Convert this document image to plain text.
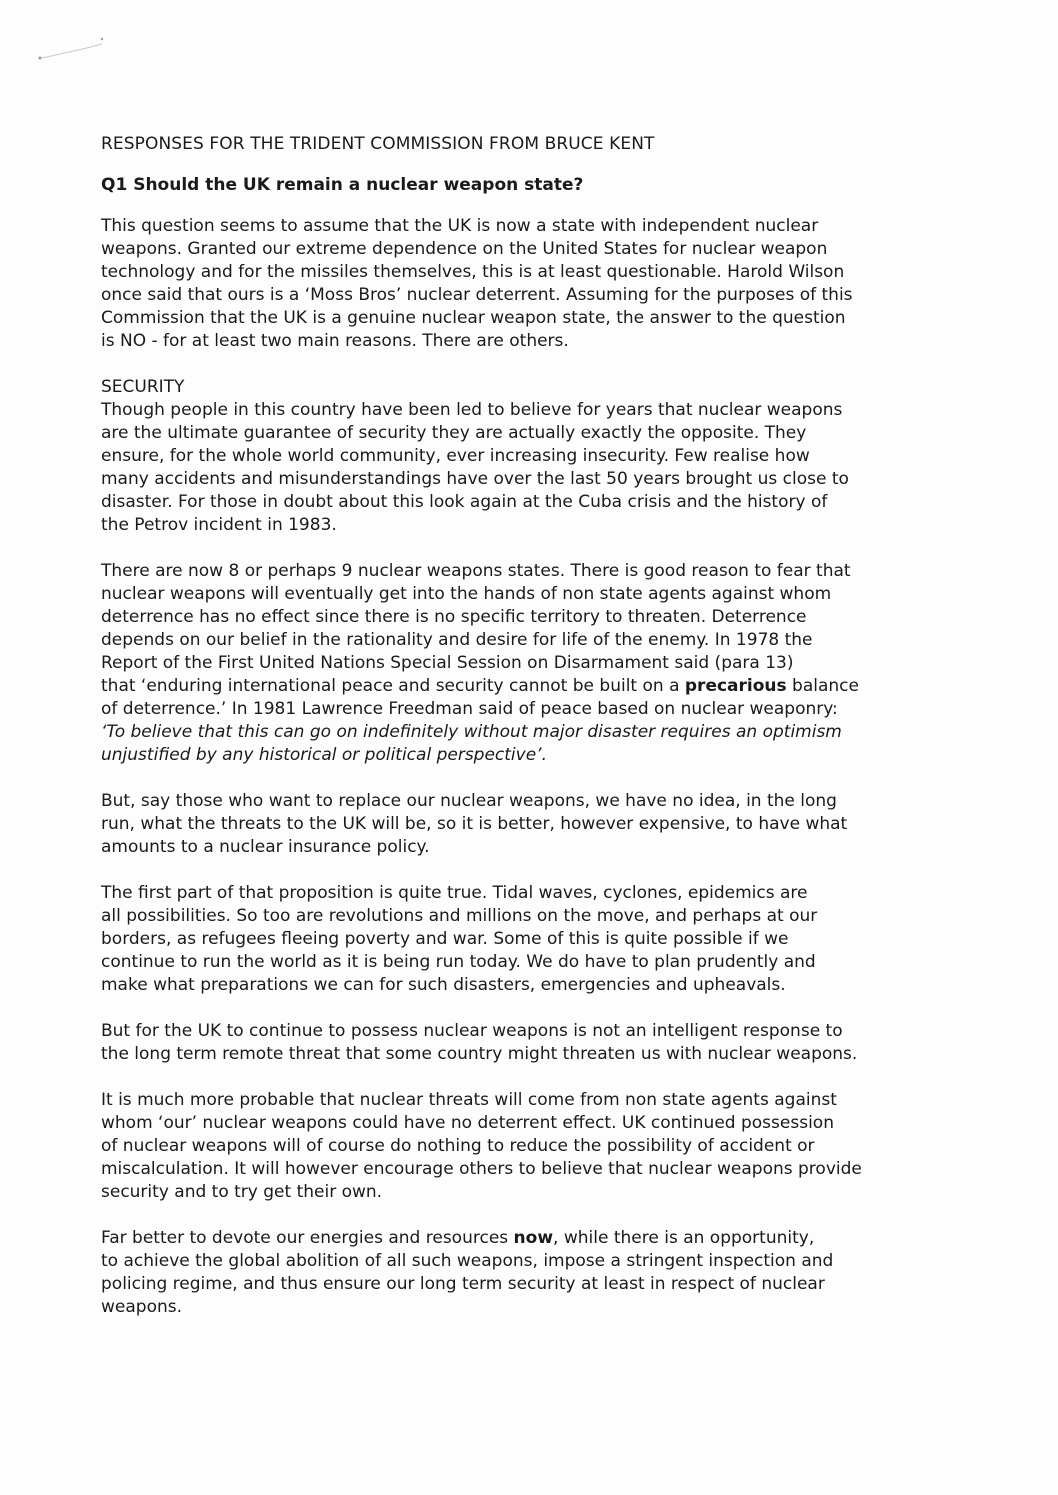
RESPONSES FOR THE TRIDENT COMMISSION FROM BRUCE KENT
Q1 Should the UK remain a nuclear weapon state?
This question seems to assume that the UK is now a state with independent nuclear
weapons. Granted our extreme dependence on the United States for nuclear weapon
technology and for the missiles themselves, this is at least questionable. Harold Wilson
once said that ours is a ‘Moss Bros’ nuclear deterrent. Assuming for the purposes of this
Commission that the UK is a genuine nuclear weapon state, the answer to the question
is NO - for at least two main reasons. There are others.
SECURITY
Though people in this country have been led to believe for years that nuclear weapons
are the ultimate guarantee of security they are actually exactly the opposite. They
ensure, for the whole world community, ever increasing insecurity. Few realise how
many accidents and misunderstandings have over the last 50 years brought us close to
disaster. For those in doubt about this look again at the Cuba crisis and the history of
the Petrov incident in 1983.
There are now 8 or perhaps 9 nuclear weapons states. There is good reason to fear that
nuclear weapons will eventually get into the hands of non state agents against whom
deterrence has no effect since there is no specific territory to threaten. Deterrence
depends on our belief in the rationality and desire for life of the enemy. In 1978 the
Report of the First United Nations Special Session on Disarmament said (para 13)
that ‘enduring international peace and security cannot be built on a precarious balance
of deterrence.’ In 1981 Lawrence Freedman said of peace based on nuclear weaponry:
‘To believe that this can go on indefinitely without major disaster requires an optimism
unjustified by any historical or political perspective’.
But, say those who want to replace our nuclear weapons, we have no idea, in the long
run, what the threats to the UK will be, so it is better, however expensive, to have what
amounts to a nuclear insurance policy.
The first part of that proposition is quite true. Tidal waves, cyclones, epidemics are
all possibilities. So too are revolutions and millions on the move, and perhaps at our
borders, as refugees fleeing poverty and war. Some of this is quite possible if we
continue to run the world as it is being run today. We do have to plan prudently and
make what preparations we can for such disasters, emergencies and upheavals.
But for the UK to continue to possess nuclear weapons is not an intelligent response to
the long term remote threat that some country might threaten us with nuclear weapons.
It is much more probable that nuclear threats will come from non state agents against
whom ‘our’ nuclear weapons could have no deterrent effect. UK continued possession
of nuclear weapons will of course do nothing to reduce the possibility of accident or
miscalculation. It will however encourage others to believe that nuclear weapons provide
security and to try get their own.
Far better to devote our energies and resources now, while there is an opportunity,
to achieve the global abolition of all such weapons, impose a stringent inspection and
policing regime, and thus ensure our long term security at least in respect of nuclear
weapons.
